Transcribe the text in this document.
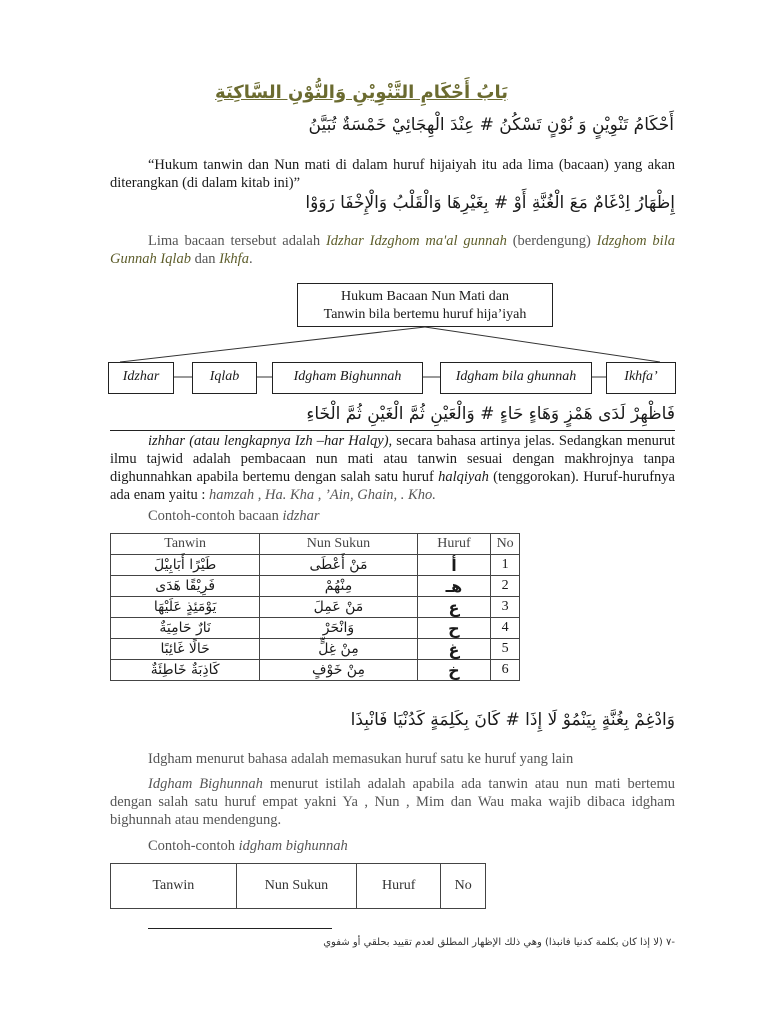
بَابُ أَحْكَامِ التَّنْوِيْنِ وَالنُّوْنِ السَّاكِنَةِ
أَحْكَامُ تَنْوِيْنٍ وَ نُوْنٍ تَسْكُنُ # عِنْدَ الْهِجَائِيْ خَمْسَةٌ تُبَيَّنُ
“Hukum tanwin dan Nun mati di dalam huruf hijaiyah itu ada lima (bacaan) yang akan diterangkan (di dalam kitab ini)”
إِظْهَارُ اِدْغَامٌ مَعَ الْغُنَّةِ أَوْ # بِغَيْرِهَا وَالْقَلْبُ وَالْإِخْفَا رَوَوْا
Lima bacaan tersebut adalah Idzhar Idzghom ma'al gunnah (berdengung) Idzghom bila Gunnah Iqlab dan Ikhfa.
Hukum Bacaan Nun Mati dan
Tanwin bila bertemu huruf hija’iyah
Idzhar	Iqlab	Idgham Bighunnah	Idgham bila ghunnah	Ikhfa’
فَاظْهِرْ لَدَى هَمْزٍ وَهَاءٍ حَاءٍ # وَالْعَيْنِ ثُمَّ الْغَيْنِ ثُمَّ الْخَاءِ
izhhar (atau lengkapnya Izh –har Halqy), secara bahasa artinya jelas. Sedangkan menurut ilmu tajwid adalah pembacaan nun mati atau tanwin sesuai dengan makhrojnya tanpa dighunnahkan apabila bertemu dengan salah satu huruf halqiyah (tenggorokan). Huruf-hurufnya ada enam yaitu : hamzah , Ha. Kha , ’Ain, Ghain, . Kho.
Contoh-contoh bacaan idzhar
Tanwin	Nun Sukun	Huruf	No
طَيْرًا أَبَابِيْلَ	مَنْ أَعْطَى	أ	1
فَرِيْقًا هَدَى	مِنْهُمْ	هـ	2
يَوْمَئِذٍ عَلَيْهَا	مَنْ عَمِلَ	ع	3
نَارٌ حَامِيَةٌ	وَانْحَرْ	ح	4
حَالًا غَائِبًا	مِنْ غِلٍّ	غ	5
كَاذِبَةٌ خَاطِئَةٌ	مِنْ خَوْفٍ	خ	6
وَادْغِمْ بِغُنَّةٍ بِيَنْمُوْ لَا إِذَا # كَانَ بِكَلِمَةٍ كَدُنْيَا فَانْبِذَا
Idgham menurut bahasa adalah memasukan huruf satu ke huruf yang lain
Idgham Bighunnah menurut istilah adalah apabila ada tanwin atau nun mati bertemu dengan salah satu huruf empat yakni Ya , Nun , Mim dan Wau maka wajib dibaca idgham bighunnah atau mendengung.
Contoh-contoh idgham bighunnah
Tanwin	Nun Sukun	Huruf	No
-٧ (لا إذا كان بكلمة كدنيا فانبذا) وهي ذلك الإظهار المطلق لعدم تقييد بحلقي أو شفوي
